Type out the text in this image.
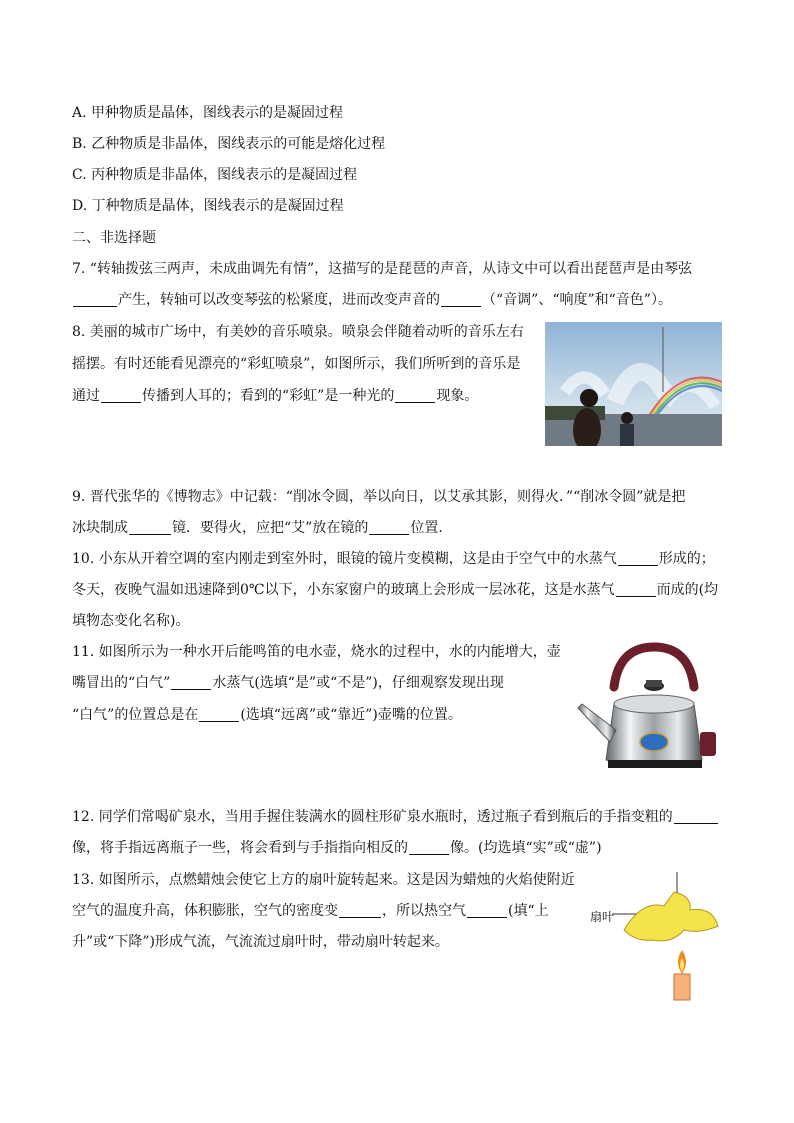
A. 甲种物质是晶体，图线表示的是凝固过程
B. 乙种物质是非晶体，图线表示的可能是熔化过程
C. 丙种物质是非晶体，图线表示的是凝固过程
D. 丁种物质是晶体，图线表示的是凝固过程
二、非选择题
7. “转轴拨弦三两声，未成曲调先有情”，这描写的是琵琶的声音，从诗文中可以看出琵琶声是由琴弦
产生，转轴可以改变琴弦的松紧度，进而改变声音的	（“音调”、“响度”和“音色”）。
8. 美丽的城市广场中，有美妙的音乐喷泉。喷泉会伴随着动听的音乐左右
摇摆。有时还能看见漂亮的“彩虹喷泉”，如图所示，我们所听到的音乐是
通过	传播到人耳的；看到的“彩虹”是一种光的	现象。
9. 晋代张华的《博物志》中记载：“削冰令圆，举以向日，以艾承其影，则得火．”“削冰令圆”就是把
冰块制成	镜．要得火，应把“艾”放在镜的	位置．
10. 小东从开着空调的室内刚走到室外时，眼镜的镜片变模糊，这是由于空气中的水蒸气	形成的；
冬天，夜晚气温如迅速降到0℃以下，小东家窗户的玻璃上会形成一层冰花，这是水蒸气	而成的(均
填物态变化名称)。
11. 如图所示为一种水开后能鸣笛的电水壶，烧水的过程中，水的内能增大，壶
嘴冒出的“白气”	水蒸气(选填“是”或“不是”)，仔细观察发现出现
“白气”的位置总是在	(选填“远离”或“靠近”)壶嘴的位置。
12. 同学们常喝矿泉水，当用手握住装满水的圆柱形矿泉水瓶时，透过瓶子看到瓶后的手指变粗的
像，将手指远离瓶子一些，将会看到与手指指向相反的	像。(均选填“实”或“虚”)
13. 如图所示，点燃蜡烛会使它上方的扇叶旋转起来。这是因为蜡烛的火焰使附近
空气的温度升高，体积膨胀，空气的密度变	，所以热空气	(填“上
升”或“下降”)形成气流，气流流过扇叶时，带动扇叶转起来。
扇叶
